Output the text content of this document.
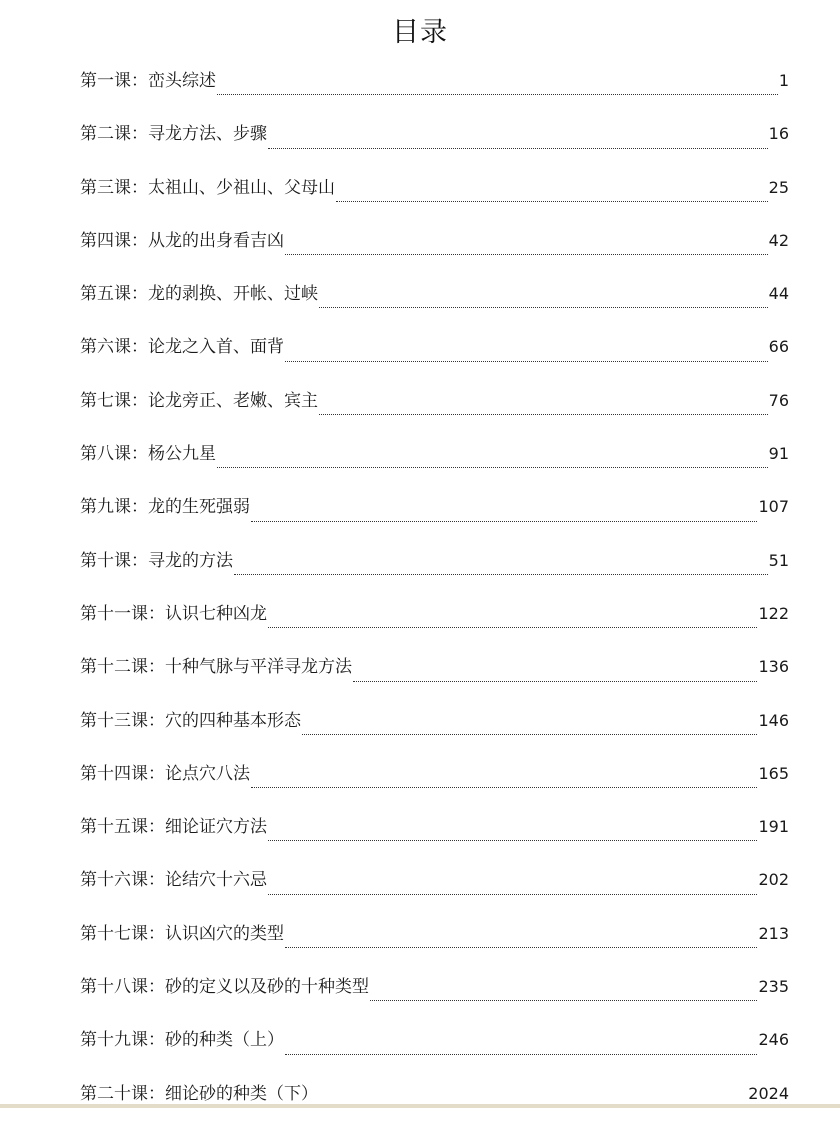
目录
第一课：峦头综述	1
第二课：寻龙方法、步骤	16
第三课：太祖山、少祖山、父母山	25
第四课：从龙的出身看吉凶	42
第五课：龙的剥换、开帐、过峡	44
第六课：论龙之入首、面背	66
第七课：论龙旁正、老嫩、宾主	76
第八课：杨公九星	91
第九课：龙的生死强弱	107
第十课：寻龙的方法	51
第十一课：认识七种凶龙	122
第十二课：十种气脉与平洋寻龙方法	136
第十三课：穴的四种基本形态	146
第十四课：论点穴八法	165
第十五课：细论证穴方法	191
第十六课：论结穴十六忌	202
第十七课：认识凶穴的类型	213
第十八课：砂的定义以及砂的十种类型	235
第十九课：砂的种类（上）	246
第二十课：细论砂的种类（下）	2024
